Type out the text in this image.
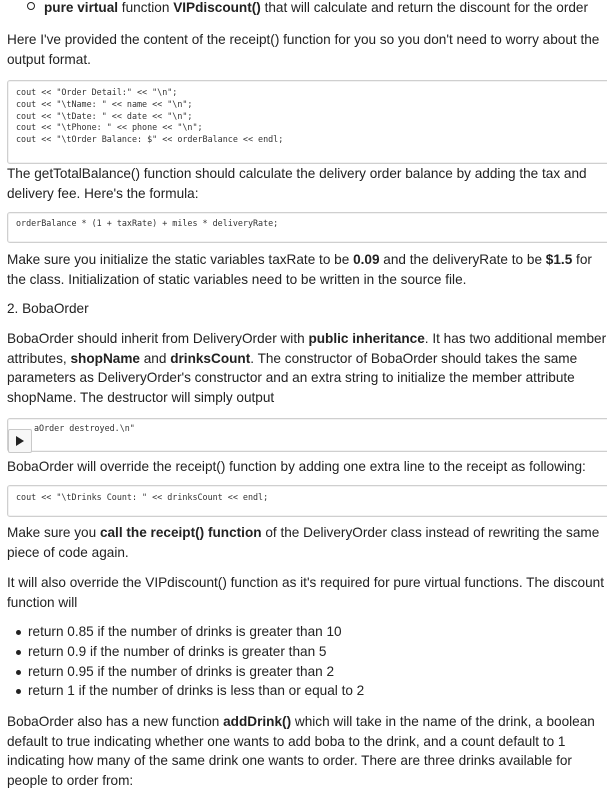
pure virtual function VIPdiscount() that will calculate and return the discount for the order

Here I've provided the content of the receipt() function for you so you don't need to worry about the output format.

cout << "Order Detail:" << "\n";
cout << "\tName: " << name << "\n";
cout << "\tDate: " << date << "\n";
cout << "\tPhone: " << phone << "\n";
cout << "\tOrder Balance: $" << orderBalance << endl;

The getTotalBalance() function should calculate the delivery order balance by adding the tax and delivery fee. Here's the formula:

orderBalance * (1 + taxRate) + miles * deliveryRate;

Make sure you initialize the static variables taxRate to be 0.09 and the deliveryRate to be $1.5 for the class. Initialization of static variables need to be written in the source file.

2. BobaOrder

BobaOrder should inherit from DeliveryOrder with public inheritance. It has two additional member attributes, shopName and drinksCount. The constructor of BobaOrder should takes the same parameters as DeliveryOrder's constructor and an extra string to initialize the member attribute shopName. The destructor will simply output

aOrder destroyed.\n"

BobaOrder will override the receipt() function by adding one extra line to the receipt as following:

cout << "\tDrinks Count: " << drinksCount << endl;

Make sure you call the receipt() function of the DeliveryOrder class instead of rewriting the same piece of code again.

It will also override the VIPdiscount() function as it's required for pure virtual functions. The discount function will

return 0.85 if the number of drinks is greater than 10
return 0.9 if the number of drinks is greater than 5
return 0.95 if the number of drinks is greater than 2
return 1 if the number of drinks is less than or equal to 2

BobaOrder also has a new function addDrink() which will take in the name of the drink, a boolean default to true indicating whether one wants to add boba to the drink, and a count default to 1 indicating how many of the same drink one wants to order. There are three drinks available for people to order from:
